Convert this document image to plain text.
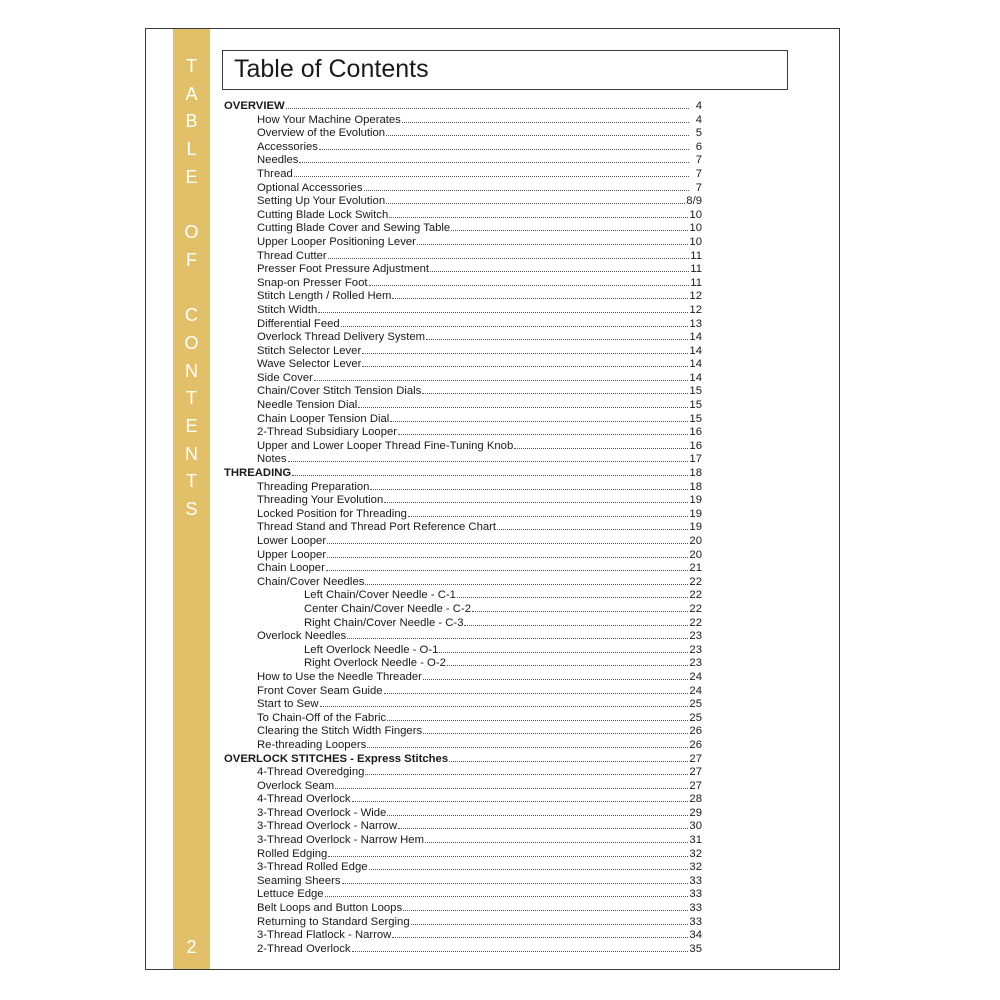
T
A
B
L
E
O
F
C
O
N
T
E
N
T
S
2
Table of Contents
OVERVIEW	4
How Your Machine Operates	4
Overview of the Evolution	5
Accessories	6
Needles	7
Thread	7
Optional Accessories	7
Setting Up Your Evolution	8/9
Cutting Blade Lock Switch	10
Cutting Blade Cover and Sewing Table	10
Upper Looper Positioning Lever	10
Thread Cutter	11
Presser Foot Pressure Adjustment	11
Snap-on Presser Foot	11
Stitch Length / Rolled Hem	12
Stitch Width	12
Differential Feed	13
Overlock Thread Delivery System	14
Stitch Selector Lever	14
Wave Selector Lever	14
Side Cover	14
Chain/Cover Stitch Tension Dials	15
Needle Tension Dial	15
Chain Looper Tension Dial	15
2-Thread Subsidiary Looper	16
Upper and Lower Looper Thread Fine-Tuning Knob	16
Notes	17
THREADING	18
Threading Preparation	18
Threading Your Evolution	19
Locked Position for Threading	19
Thread Stand and Thread Port Reference Chart	19
Lower Looper	20
Upper Looper	20
Chain Looper	21
Chain/Cover Needles	22
Left Chain/Cover Needle - C-1	22
Center Chain/Cover Needle - C-2	22
Right Chain/Cover Needle - C-3	22
Overlock Needles	23
Left Overlock Needle - O-1	23
Right Overlock Needle - O-2	23
How to Use the Needle Threader	24
Front Cover Seam Guide	24
Start to Sew	25
To Chain-Off of the Fabric	25
Clearing the Stitch Width Fingers	26
Re-threading Loopers	26
OVERLOCK STITCHES - Express Stitches	27
4-Thread Overedging	27
Overlock Seam	27
4-Thread Overlock	28
3-Thread Overlock - Wide	29
3-Thread Overlock - Narrow	30
3-Thread Overlock - Narrow Hem	31
Rolled Edging	32
3-Thread Rolled Edge	32
Seaming Sheers	33
Lettuce Edge	33
Belt Loops and Button Loops	33
Returning to Standard Serging	33
3-Thread Flatlock - Narrow	34
2-Thread Overlock	35
